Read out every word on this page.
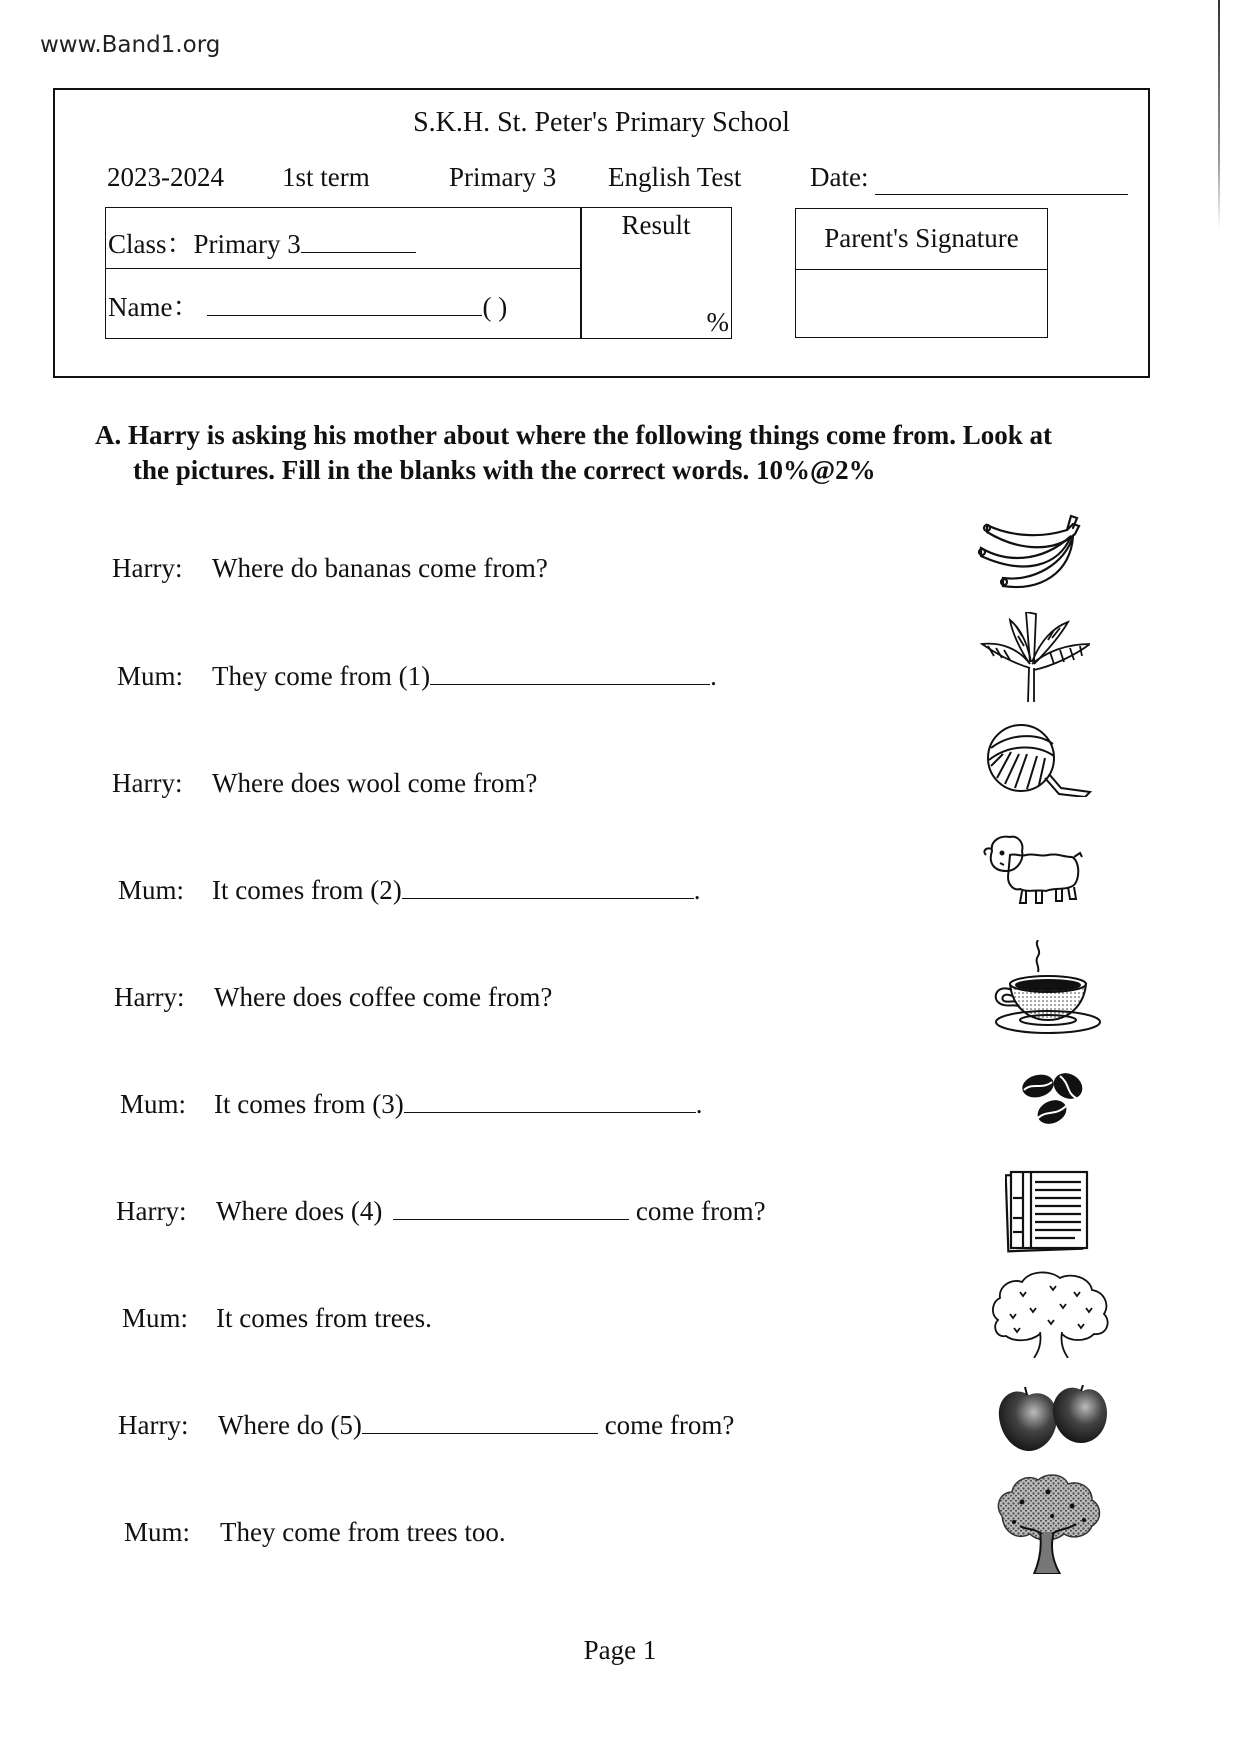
www.Band1.org
S.K.H. St. Peter's Primary School
2023-2024 1st term	Primary 3 English Test	Date:
Class：Primary 3
Name：	( )
Result
%
Parent's Signature
A. Harry is asking his mother about where the following things come from. Look at
the pictures. Fill in the blanks with the correct words. 10%@2%
Harry: Where do bananas come from?
Mum: They come from (1)	.
Harry: Where does wool come from?
Mum: It comes from (2)	.
Harry: Where does coffee come from?
Mum: It comes from (3)	.
Harry: Where does (4)	come from?
Mum: It comes from trees.
Harry: Where do (5)	come from?
Mum: They come from trees too.
Page 1
